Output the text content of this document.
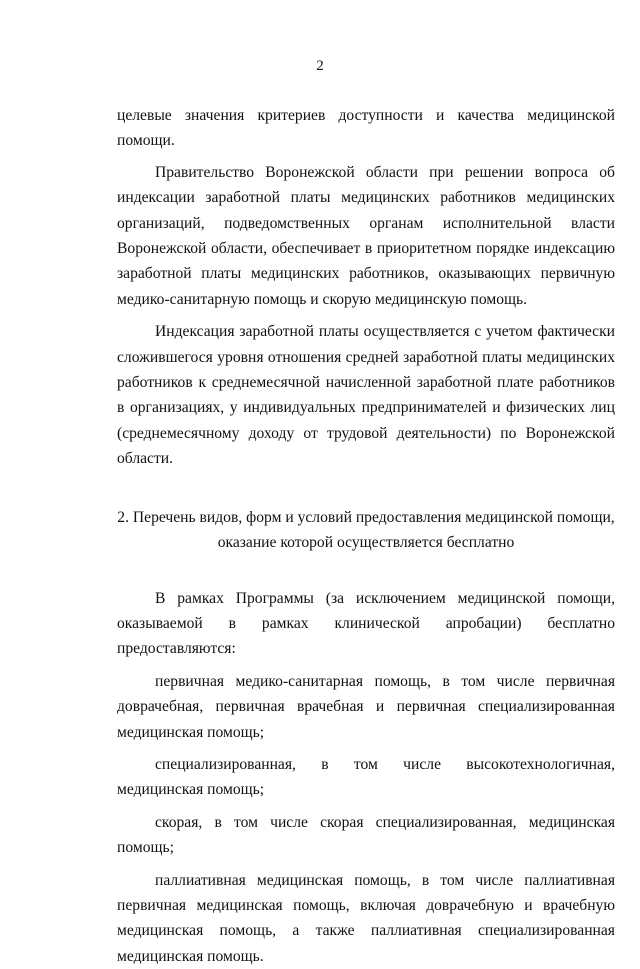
2

целевые значения критериев доступности и качества медицинской помощи.

Правительство Воронежской области при решении вопроса об индексации заработной платы медицинских работников медицинских организаций, подведомственных органам исполнительной власти Воронежской области, обеспечивает в приоритетном порядке индексацию заработной платы медицинских работников, оказывающих первичную медико-санитарную помощь и скорую медицинскую помощь.

Индексация заработной платы осуществляется с учетом фактически сложившегося уровня отношения средней заработной платы медицинских работников к среднемесячной начисленной заработной плате работников в организациях, у индивидуальных предпринимателей и физических лиц (среднемесячному доходу от трудовой деятельности) по Воронежской области.

2. Перечень видов, форм и условий предоставления медицинской помощи,
оказание которой осуществляется бесплатно

В рамках Программы (за исключением медицинской помощи, оказываемой в рамках клинической апробации) бесплатно предоставляются:

первичная медико-санитарная помощь, в том числе первичная доврачебная, первичная врачебная и первичная специализированная медицинская помощь;

специализированная, в том числе высокотехнологичная, медицинская помощь;

скорая, в том числе скорая специализированная, медицинская помощь;

паллиативная медицинская помощь, в том числе паллиативная первичная медицинская помощь, включая доврачебную и врачебную медицинская помощь, а также паллиативная специализированная медицинская помощь.
